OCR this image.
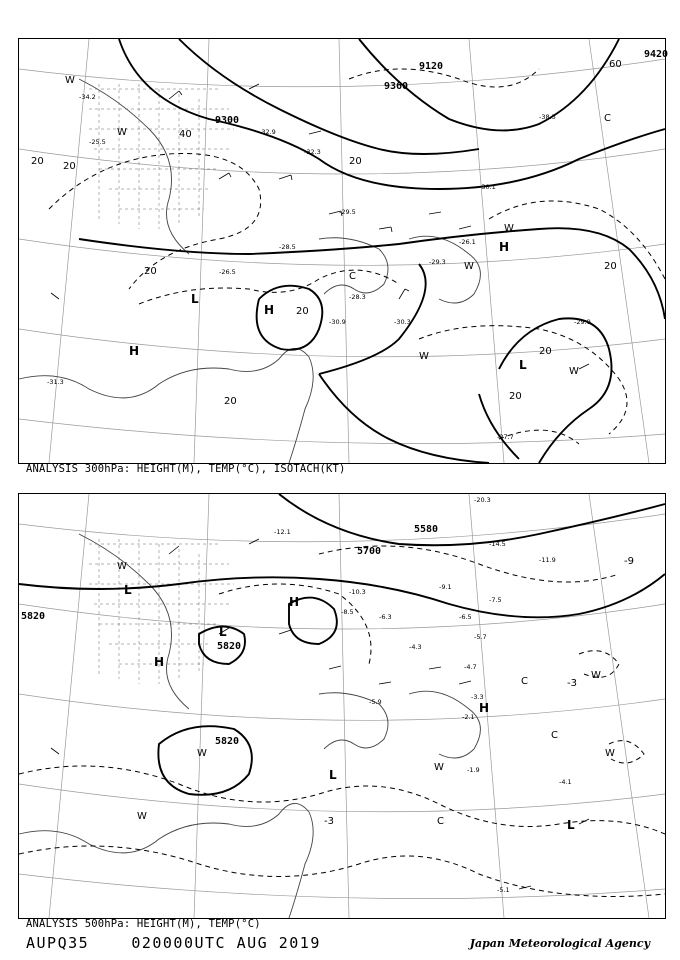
9360
9300
9120
9420
20
40
60
20
20
20
20
20
20
20
20
H
L
H
H
L
W
W
W
C
W
W
W
C
-32.9
-32.3
-29.5
-28.5
-26.1
-29.3
-30.3	-29.9
-27.7
-31.3
-30.1
-38.5
-34.2
-25.5
-28.3
-26.5
-30.9
ANALYSIS 300hPa: HEIGHT(M), TEMP(°C), ISOTACH(KT)
5580
5700
5820
5820
5820
-3
-3
-9
H
L
H
L
H
L
L
W
W
W
C
C
W
C
W
W
-12.1
-9.1
-10.3
-4.7
-3.3
-2.1
-5.7
-6.5
-4.3
-1.9
-4.1
-5.1
-11.9
-14.5
-20.3
-8.5
-6.3
-7.5
-5.9
ANALYSIS 500hPa: HEIGHT(M), TEMP(°C)
AUPQ35	020000UTC AUG 2019	Japan Meteorological Agency
